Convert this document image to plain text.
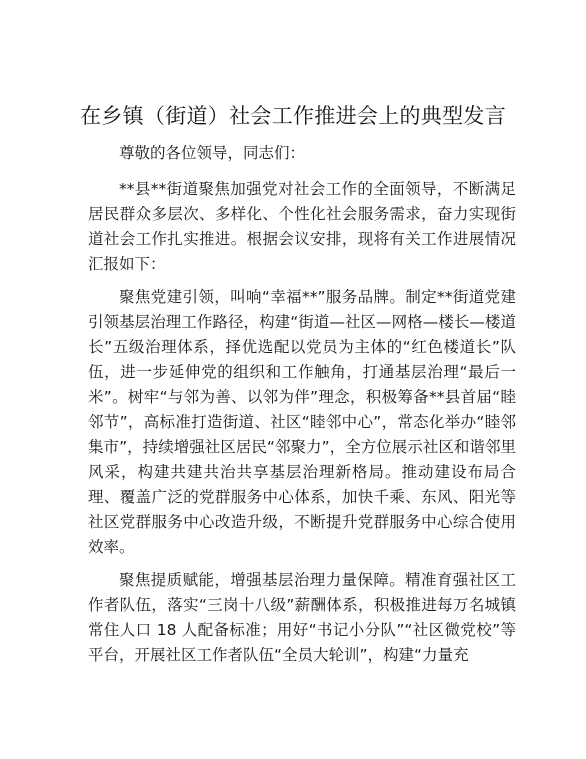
在乡镇（街道）社会工作推进会上的典型发言

尊敬的各位领导，同志们：

**县**街道聚焦加强党对社会工作的全面领导，不断满足居民群众多层次、多样化、个性化社会服务需求，奋力实现街道社会工作扎实推进。根据会议安排，现将有关工作进展情况汇报如下：

聚焦党建引领，叫响“幸福**”服务品牌。制定**街道党建引领基层治理工作路径，构建“街道—社区—网格—楼长—楼道长”五级治理体系，择优选配以党员为主体的“红色楼道长”队伍，进一步延伸党的组织和工作触角，打通基层治理“最后一米”。树牢“与邻为善、以邻为伴”理念，积极筹备**县首届“睦邻节”，高标准打造街道、社区“睦邻中心”，常态化举办“睦邻集市”，持续增强社区居民“邻聚力”，全方位展示社区和谐邻里风采，构建共建共治共享基层治理新格局。推动建设布局合理、覆盖广泛的党群服务中心体系，加快千乘、东风、阳光等社区党群服务中心改造升级，不断提升党群服务中心综合使用效率。

聚焦提质赋能，增强基层治理力量保障。精准育强社区工作者队伍，落实“三岗十八级”薪酬体系，积极推进每万名城镇常住人口 18 人配备标准；用好“书记小分队”“社区微党校”等平台，开展社区工作者队伍“全员大轮训”，构建“力量充
